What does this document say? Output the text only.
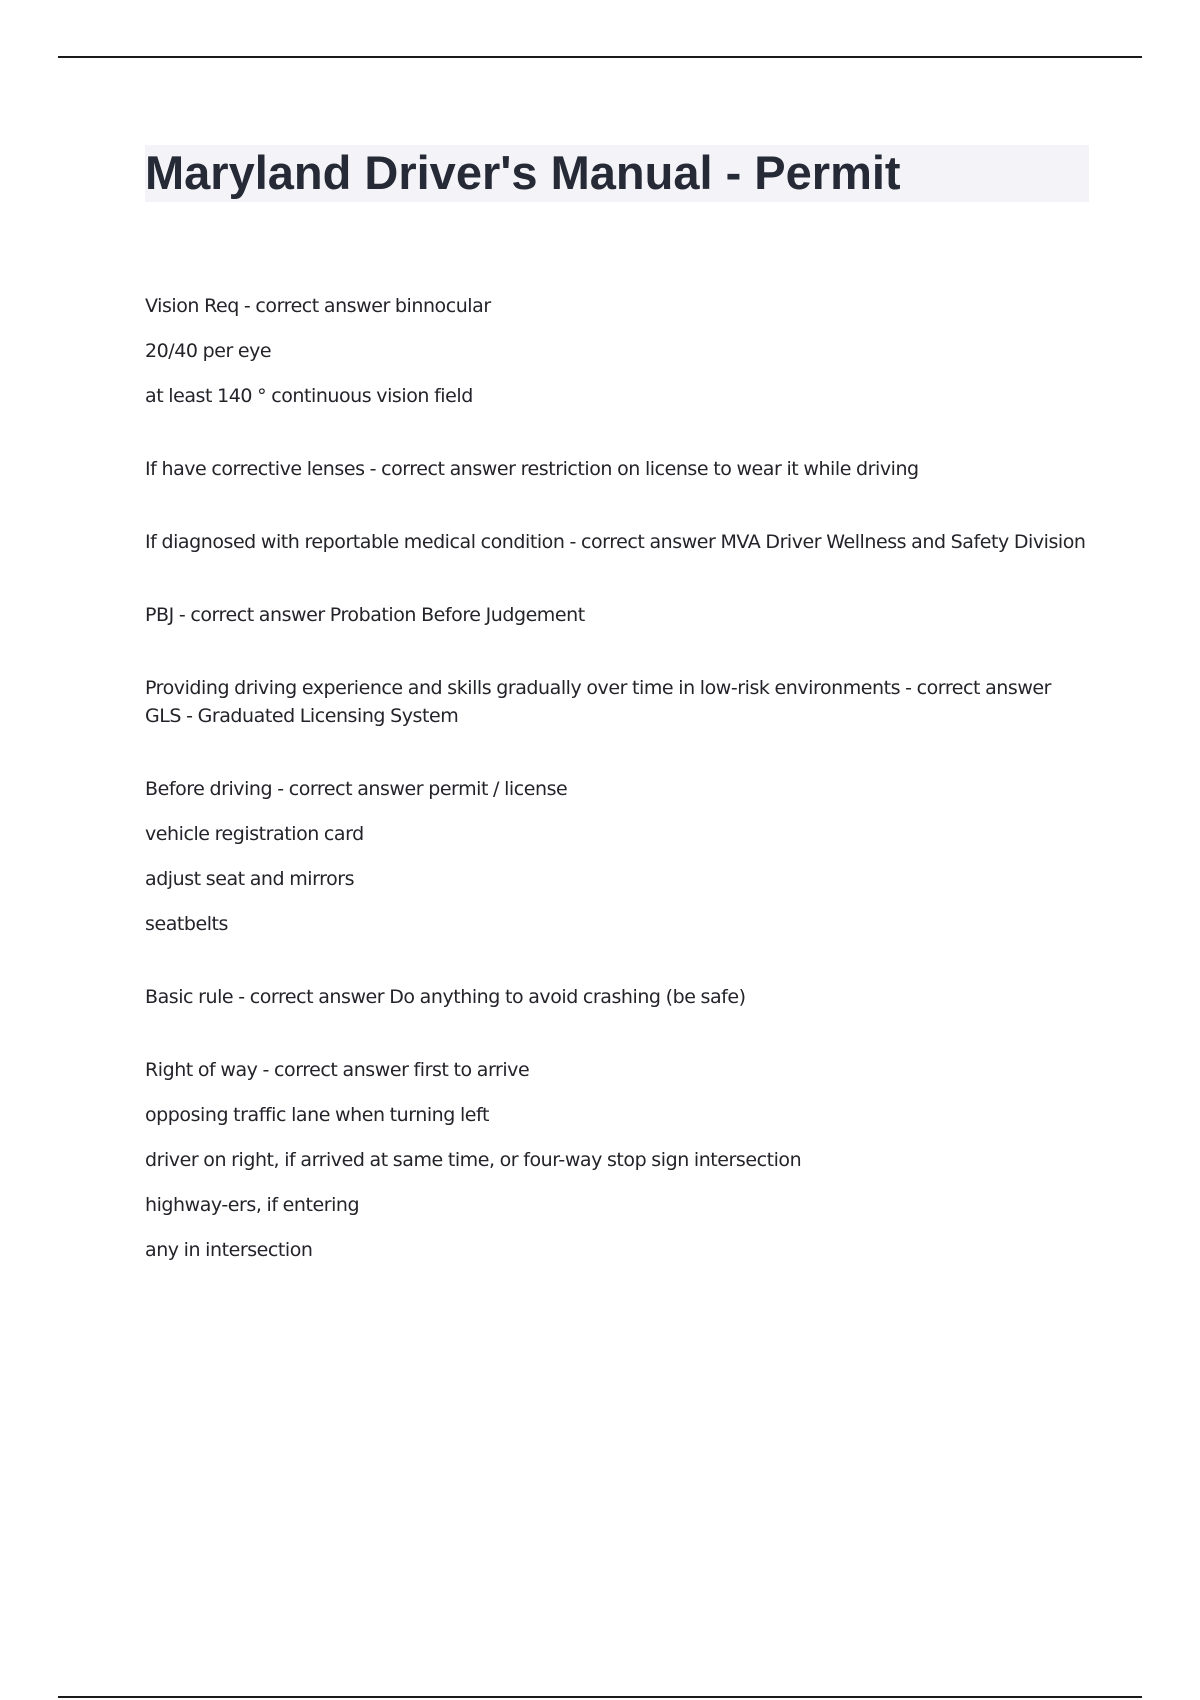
Maryland Driver's Manual - Permit

Vision Req - correct answer binnocular

20/40 per eye

at least 140 ° continuous vision field

If have corrective lenses - correct answer restriction on license to wear it while driving

If diagnosed with reportable medical condition - correct answer MVA Driver Wellness and Safety Division

PBJ - correct answer Probation Before Judgement

Providing driving experience and skills gradually over time in low-risk environments - correct answer GLS - Graduated Licensing System

Before driving - correct answer permit / license

vehicle registration card

adjust seat and mirrors

seatbelts

Basic rule - correct answer Do anything to avoid crashing (be safe)

Right of way - correct answer first to arrive

opposing traffic lane when turning left

driver on right, if arrived at same time, or four-way stop sign intersection

highway-ers, if entering

any in intersection
